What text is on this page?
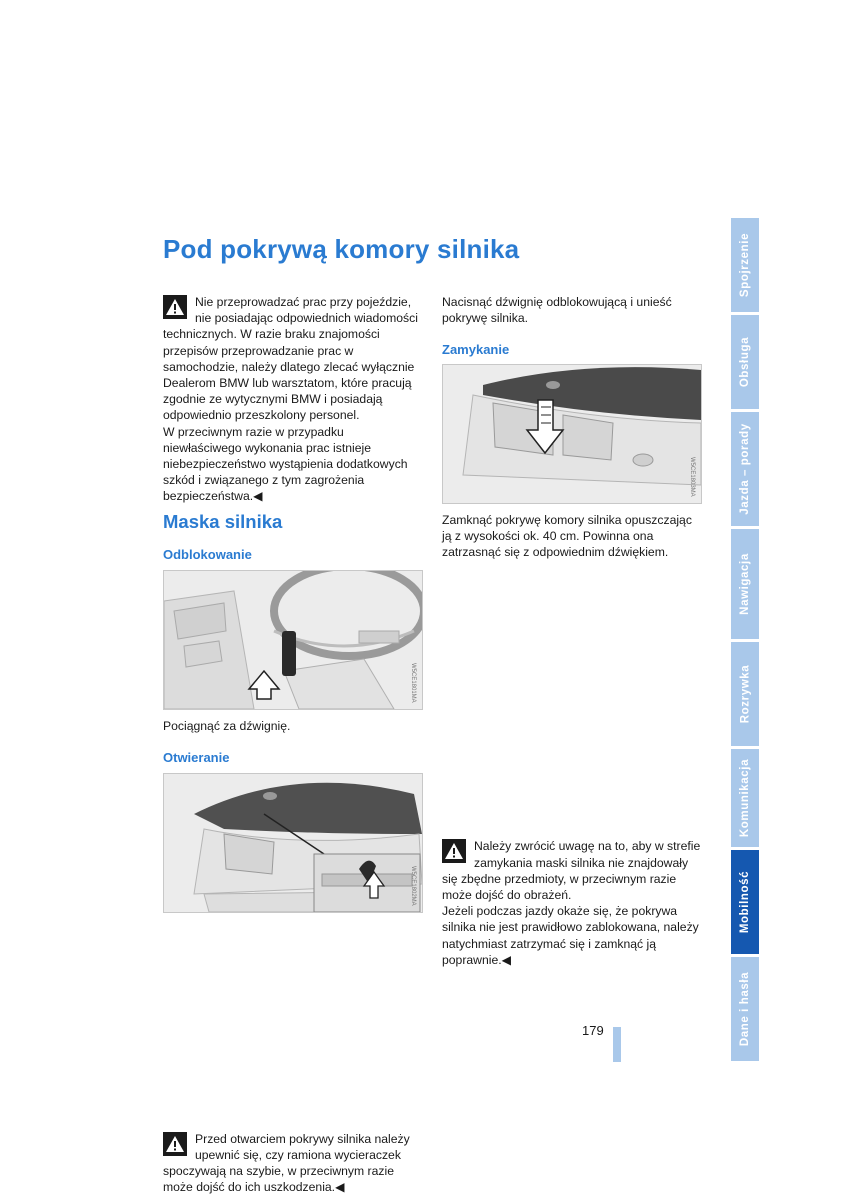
Pod pokrywą komory silnika
Nie przeprowadzać prac przy pojeździe, nie posiadając odpowiednich wiadomości technicznych. W razie braku znajomości przepisów przeprowadzanie prac w samochodzie, należy dlatego zlecać wyłącznie Dealerom BMW lub warsztatom, które pracują zgodnie ze wytycznymi BMW i posiadają odpowiednio przeszkolony personel.
W przeciwnym razie w przypadku niewłaściwego wykonania prac istnieje niebezpieczeństwo wystąpienia dodatkowych szkód i związanego z tym zagrożenia bezpieczeństwa.◀
Maska silnika
Odblokowanie
W5CE1801MA
Pociągnąć za dźwignię.
Otwieranie
W5CE1802MA
Przed otwarciem pokrywy silnika należy upewnić się, czy ramiona wycieraczek spoczywają na szybie, w przeciwnym razie może dojść do ich uszkodzenia.◀
Nacisnąć dźwignię odblokowującą i unieść pokrywę silnika.
Zamykanie
W5CE1803MA
Zamknąć pokrywę komory silnika opuszczając ją z wysokości ok. 40 cm. Powinna ona zatrzasnąć się z odpowiednim dźwiękiem.
Należy zwrócić uwagę na to, aby w strefie zamykania maski silnika nie znajdowały się zbędne przedmioty, w przeciwnym razie może dojść do obrażeń.
Jeżeli podczas jazdy okaże się, że pokrywa silnika nie jest prawidłowo zablokowana, należy natychmiast zatrzymać się i zamknąć ją poprawnie.◀
Spojrzenie
Obsługa
Jazda – porady
Nawigacja
Rozrywka
Komunikacja
Mobilność
Dane i hasła
179
